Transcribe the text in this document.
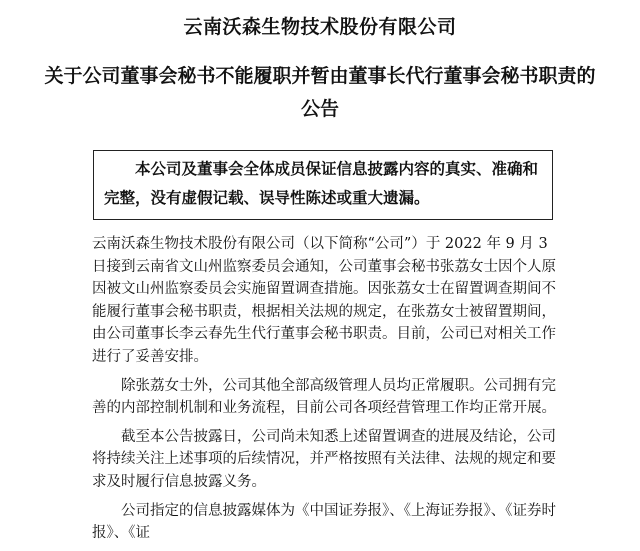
云南沃森生物技术股份有限公司
关于公司董事会秘书不能履职并暂由董事长代行董事会秘书职责的公告
本公司及董事会全体成员保证信息披露内容的真实、准确和完整，没有虚假记载、误导性陈述或重大遗漏。

云南沃森生物技术股份有限公司（以下简称“公司”）于 2022 年 9 月 3 日接到云南省文山州监察委员会通知，公司董事会秘书张荔女士因个人原因被文山州监察委员会实施留置调查措施。因张荔女士在留置调查期间不能履行董事会秘书职责，根据相关法规的规定，在张荔女士被留置期间，由公司董事长李云春先生代行董事会秘书职责。目前，公司已对相关工作进行了妥善安排。

除张荔女士外，公司其他全部高级管理人员均正常履职。公司拥有完善的内部控制机制和业务流程，目前公司各项经营管理工作均正常开展。

截至本公告披露日，公司尚未知悉上述留置调查的进展及结论，公司将持续关注上述事项的后续情况，并严格按照有关法律、法规的规定和要求及时履行信息披露义务。

公司指定的信息披露媒体为《中国证券报》、《上海证券报》、《证券时报》、《证
